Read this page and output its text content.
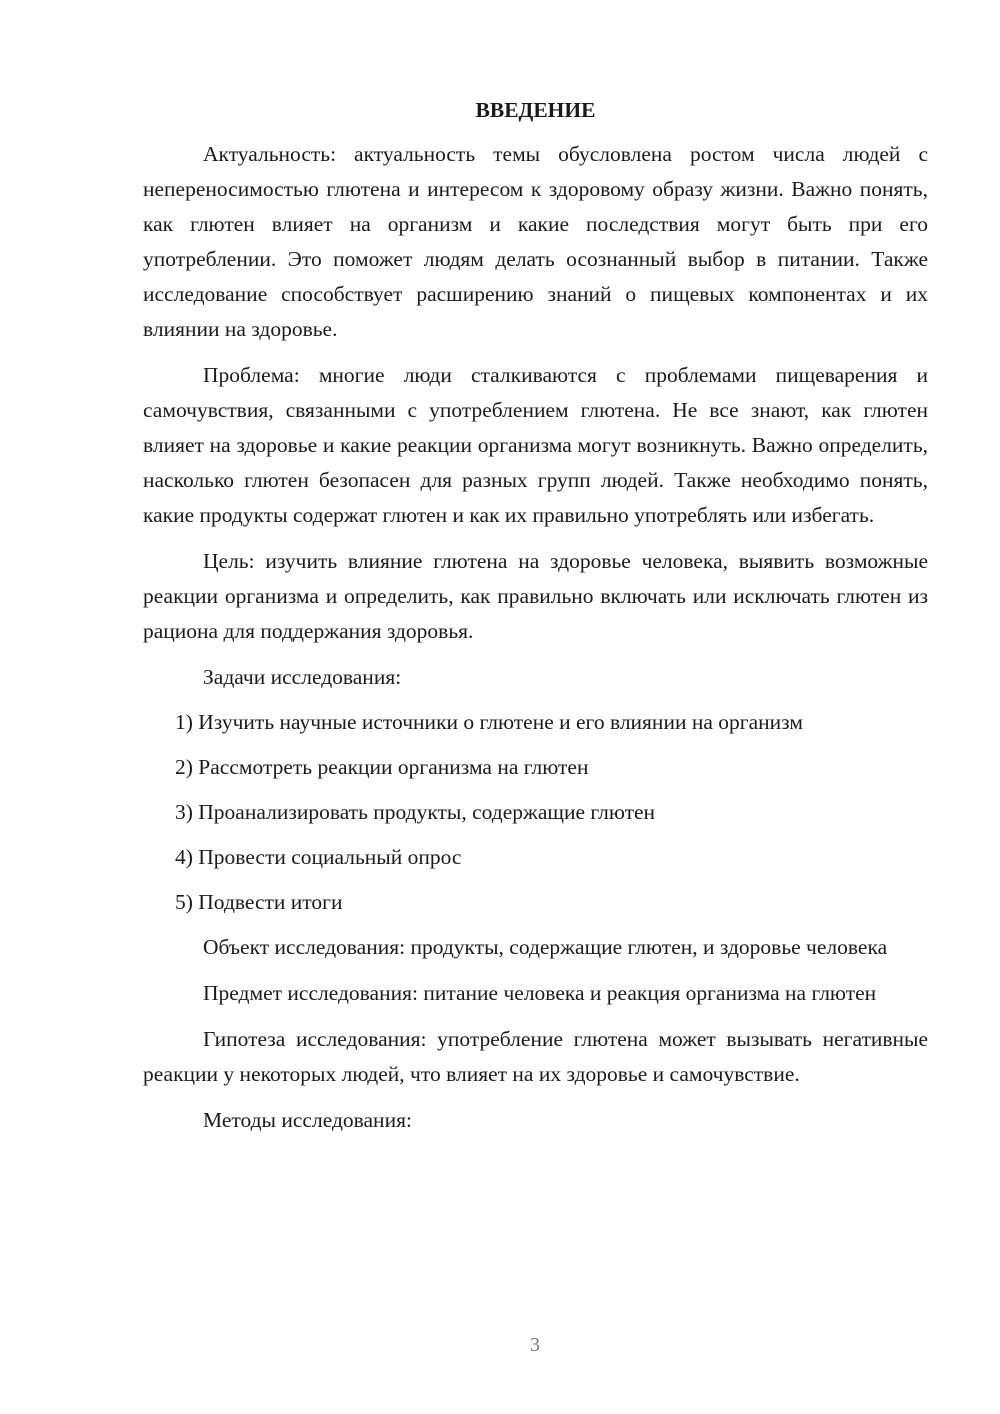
ВВЕДЕНИЕ

Актуальность: актуальность темы обусловлена ростом числа людей с непереносимостью глютена и интересом к здоровому образу жизни. Важно понять, как глютен влияет на организм и какие последствия могут быть при его употреблении. Это поможет людям делать осознанный выбор в питании. Также исследование способствует расширению знаний о пищевых компонентах и их влиянии на здоровье.

Проблема: многие люди сталкиваются с проблемами пищеварения и самочувствия, связанными с употреблением глютена. Не все знают, как глютен влияет на здоровье и какие реакции организма могут возникнуть. Важно определить, насколько глютен безопасен для разных групп людей. Также необходимо понять, какие продукты содержат глютен и как их правильно употреблять или избегать.

Цель: изучить влияние глютена на здоровье человека, выявить возможные реакции организма и определить, как правильно включать или исключать глютен из рациона для поддержания здоровья.

Задачи исследования:

1) Изучить научные источники о глютене и его влиянии на организм
2) Рассмотреть реакции организма на глютен
3) Проанализировать продукты, содержащие глютен
4) Провести социальный опрос
5) Подвести итоги

Объект исследования: продукты, содержащие глютен, и здоровье человека

Предмет исследования: питание человека и реакция организма на глютен

Гипотеза исследования: употребление глютена может вызывать негативные реакции у некоторых людей, что влияет на их здоровье и самочувствие.

Методы исследования:

3
